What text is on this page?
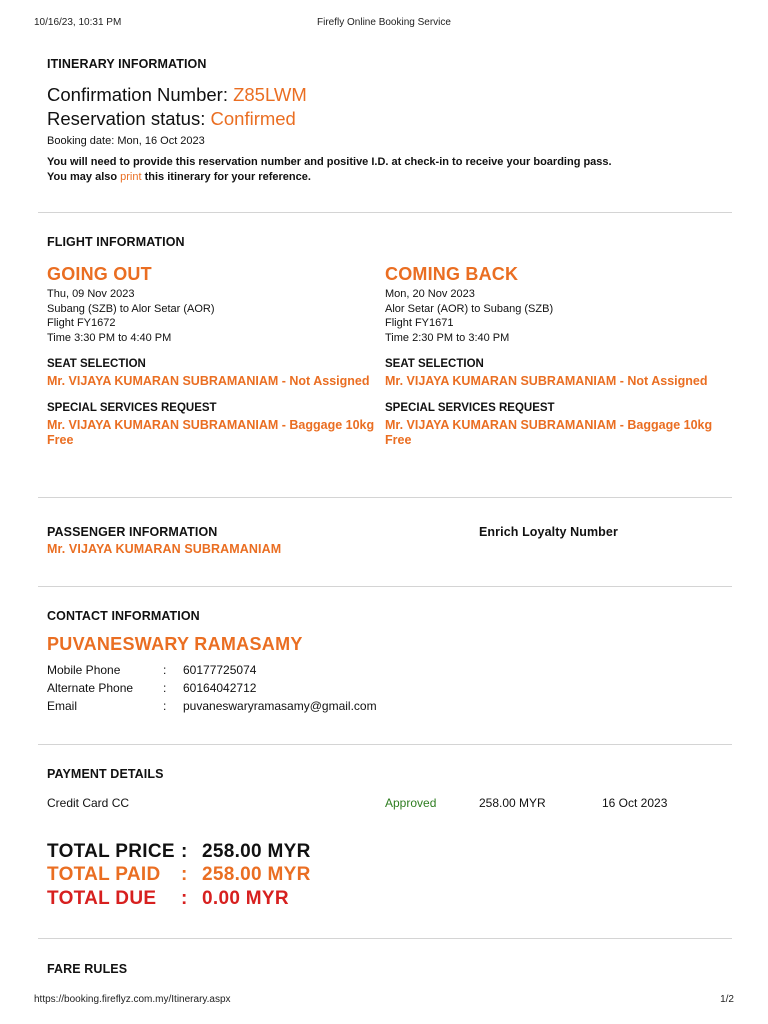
10/16/23, 10:31 PM	Firefly Online Booking Service
ITINERARY INFORMATION
Confirmation Number: Z85LWM
Reservation status: Confirmed
Booking date: Mon, 16 Oct 2023
You will need to provide this reservation number and positive I.D. at check-in to receive your boarding pass.
You may also print this itinerary for your reference.
FLIGHT INFORMATION
GOING OUT
Thu, 09 Nov 2023
Subang (SZB) to Alor Setar (AOR)
Flight FY1672
Time 3:30 PM to 4:40 PM
SEAT SELECTION
Mr. VIJAYA KUMARAN SUBRAMANIAM - Not Assigned
SPECIAL SERVICES REQUEST
Mr. VIJAYA KUMARAN SUBRAMANIAM - Baggage 10kg Free
COMING BACK
Mon, 20 Nov 2023
Alor Setar (AOR) to Subang (SZB)
Flight FY1671
Time 2:30 PM to 3:40 PM
SEAT SELECTION
Mr. VIJAYA KUMARAN SUBRAMANIAM - Not Assigned
SPECIAL SERVICES REQUEST
Mr. VIJAYA KUMARAN SUBRAMANIAM - Baggage 10kg Free
PASSENGER INFORMATION
Mr. VIJAYA KUMARAN SUBRAMANIAM
Enrich Loyalty Number
CONTACT INFORMATION
PUVANESWARY RAMASAMY
Mobile Phone	: 60177725074
Alternate Phone : 60164042712
Email	: puvaneswaryramasamy@gmail.com
PAYMENT DETAILS
Credit Card CC	Approved	258.00 MYR	16 Oct 2023
TOTAL PRICE : 258.00 MYR
TOTAL PAID : 258.00 MYR
TOTAL DUE : 0.00 MYR
FARE RULES
https://booking.fireflyz.com.my/Itinerary.aspx	1/2
